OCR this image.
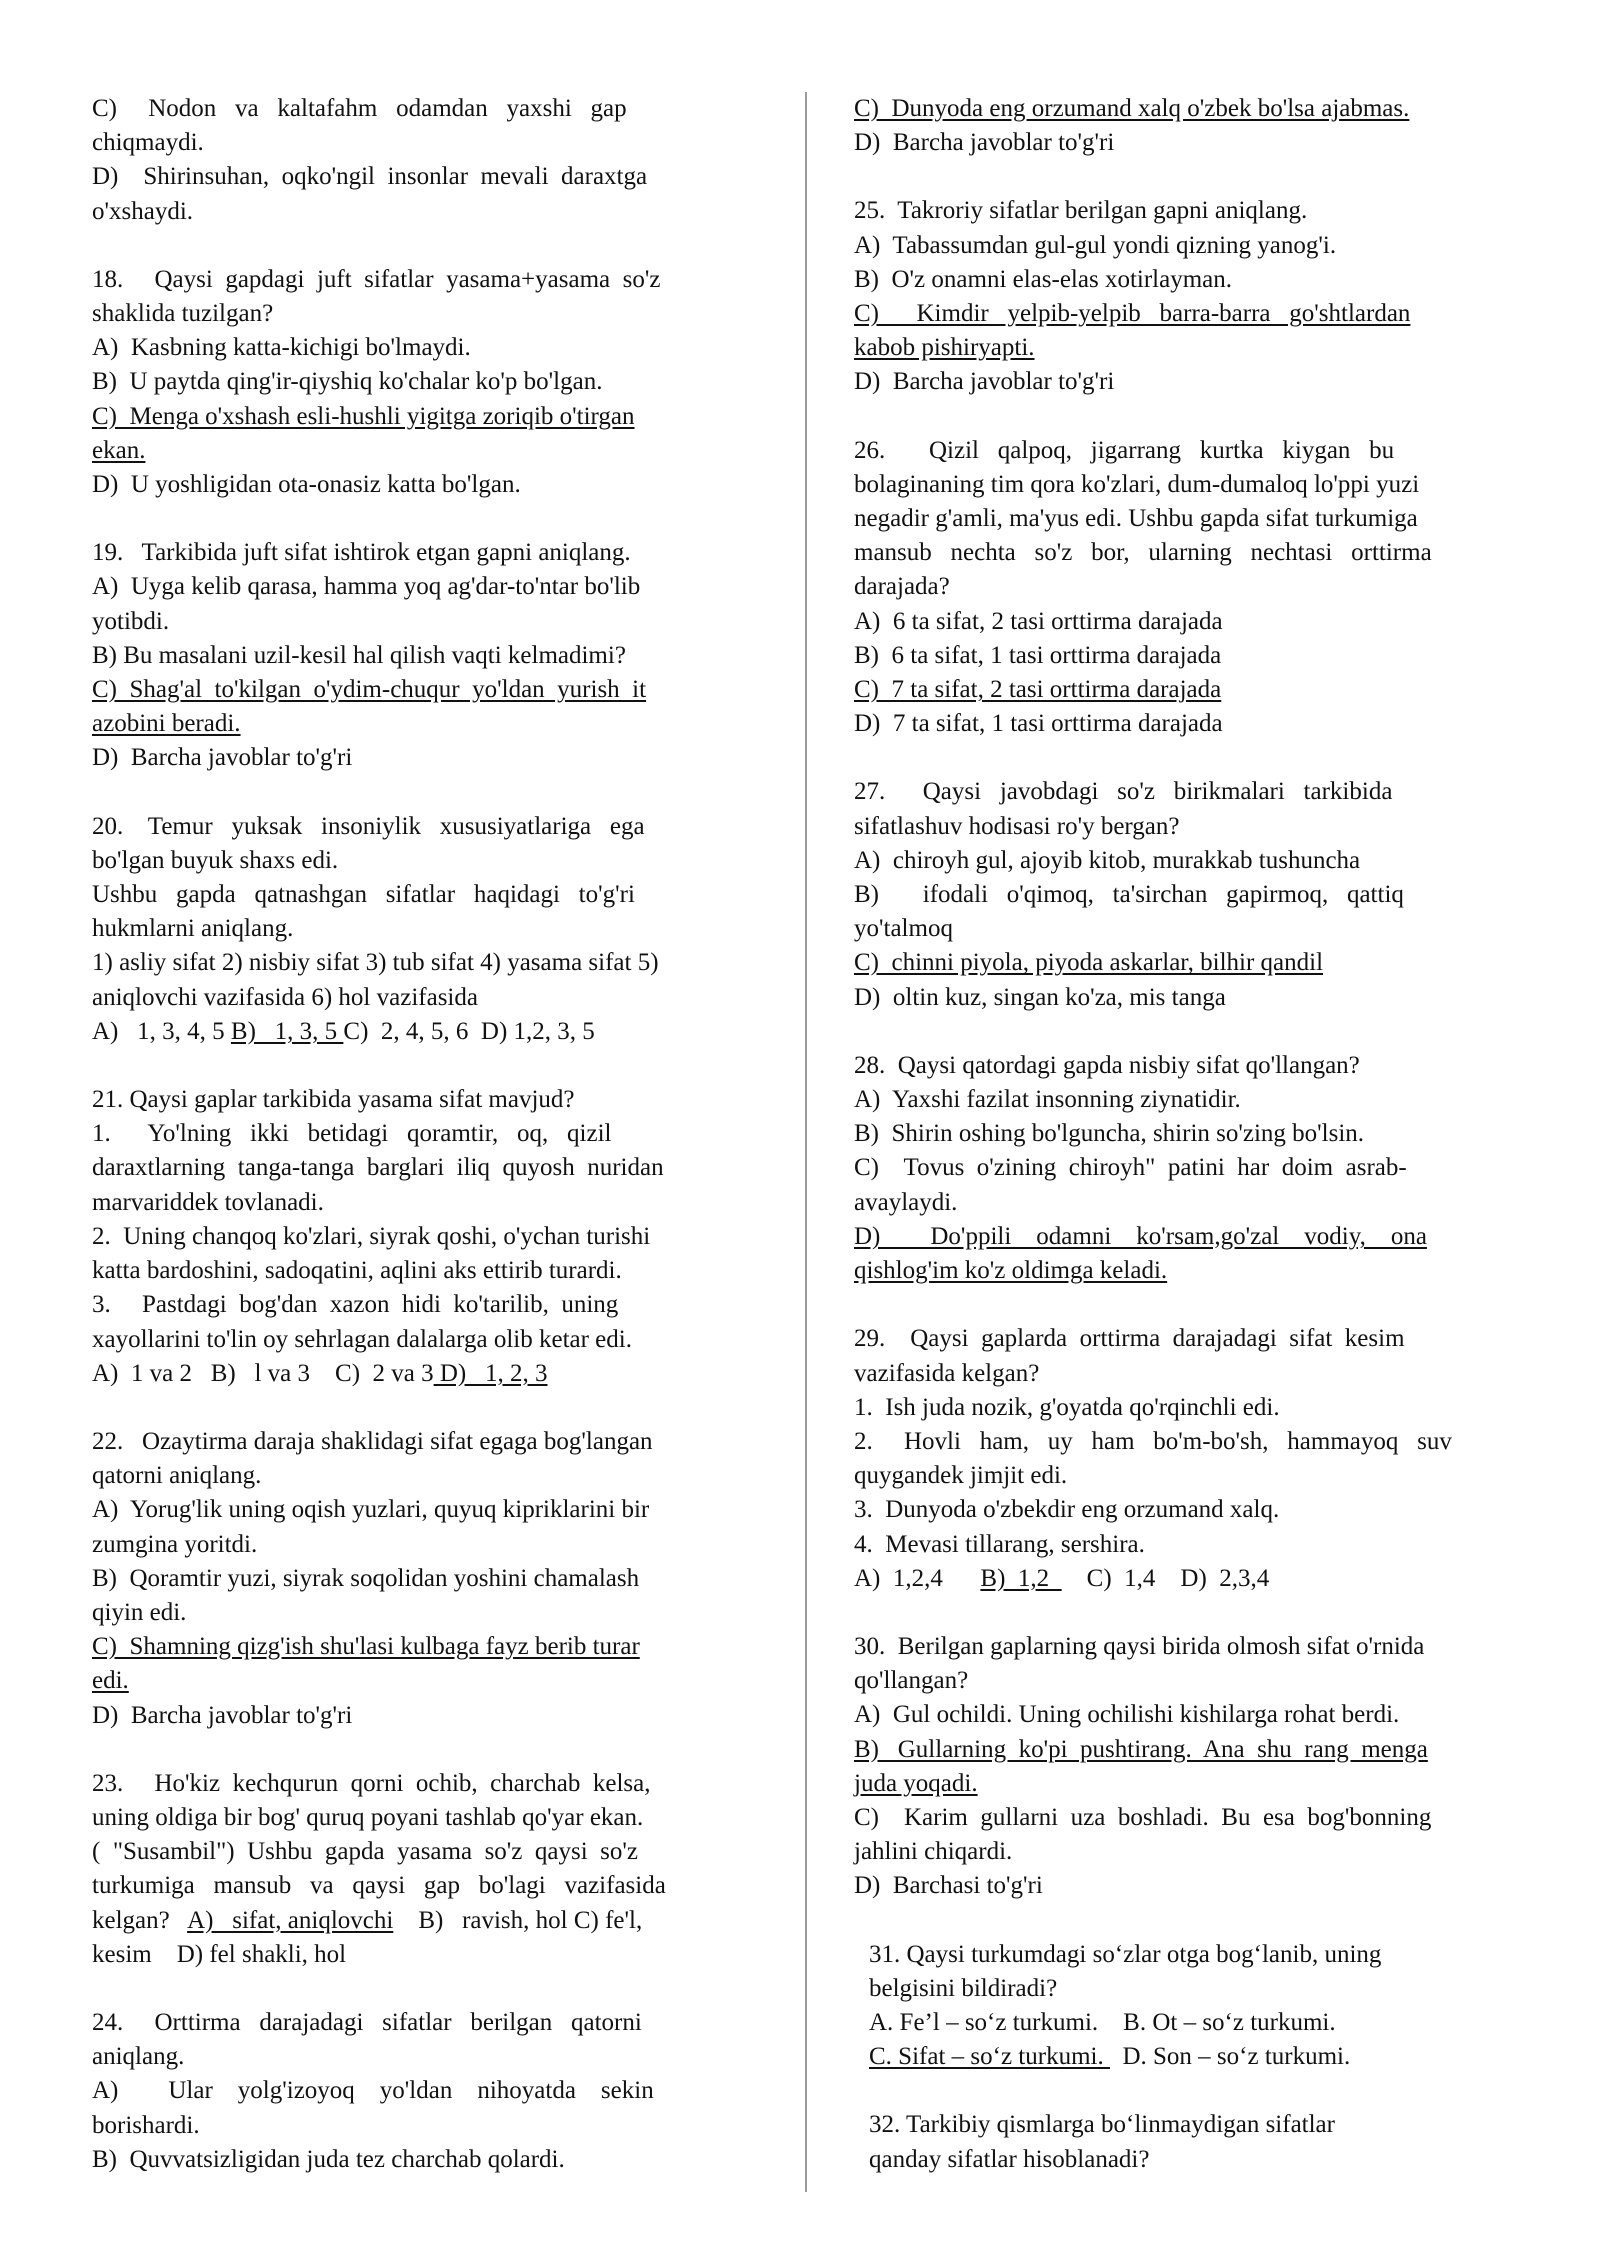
C)     Nodon   va   kaltafahm   odamdan   yaxshi   gap
chiqmaydi.
D)    Shirinsuhan,  oqko'ngil  insonlar  mevali  daraxtga
o'xshaydi.
18.     Qaysi  gapdagi  juft  sifatlar  yasama+yasama  so'z
shaklida tuzilgan?
A)  Kasbning katta-kichigi bo'lmaydi.
B)  U paytda qing'ir-qiyshiq ko'chalar ko'p bo'lgan.
C)  Menga o'xshash esli-hushli yigitga zoriqib o'tirgan
ekan.
D)  U yoshligidan ota-onasiz katta bo'lgan.
19.   Tarkibida juft sifat ishtirok etgan gapni aniqlang.
A)  Uyga kelib qarasa, hamma yoq ag'dar-to'ntar bo'lib
yotibdi.
B) Bu masalani uzil-kesil hal qilish vaqti kelmadimi?
C)  Shag'al  to'kilgan  o'ydim-chuqur  yo'ldan  yurish  it
azobini beradi.
D)  Barcha javoblar to'g'ri
20.    Temur   yuksak   insoniylik   xususiyatlariga   ega
bo'lgan buyuk shaxs edi.
Ushbu   gapda   qatnashgan   sifatlar   haqidagi   to'g'ri
hukmlarni aniqlang.
1) asliy sifat 2) nisbiy sifat 3) tub sifat 4) yasama sifat 5)
aniqlovchi vazifasida 6) hol vazifasida
A)   1, 3, 4, 5 B)   1, 3, 5 C)  2, 4, 5, 6  D) 1,2, 3, 5
21. Qaysi gaplar tarkibida yasama sifat mavjud?
1.      Yo'lning   ikki   betidagi   qoramtir,   oq,   qizil
daraxtlarning  tanga-tanga  barglari  iliq  quyosh  nuridan
marvariddek tovlanadi.
2.  Uning chanqoq ko'zlari, siyrak qoshi, o'ychan turishi
katta bardoshini, sadoqatini, aqlini aks ettirib turardi.
3.     Pastdagi  bog'dan  xazon  hidi  ko'tarilib,  uning
xayollarini to'lin oy sehrlagan dalalarga olib ketar edi.
A)  1 va 2   B)   l va 3    C)  2 va 3 D)   1, 2, 3
22.   Ozaytirma daraja shaklidagi sifat egaga bog'langan
qatorni aniqlang.
A)  Yorug'lik uning oqish yuzlari, quyuq kipriklarini bir
zumgina yoritdi.
B)  Qoramtir yuzi, siyrak soqolidan yoshini chamalash
qiyin edi.
C)  Shamning qizg'ish shu'lasi kulbaga fayz berib turar
edi.
D)  Barcha javoblar to'g'ri
23.     Ho'kiz  kechqurun  qorni  ochib,  charchab  kelsa,
uning oldiga bir bog' quruq poyani tashlab qo'yar ekan.
(  "Susambil")  Ushbu  gapda  yasama  so'z  qaysi  so'z
turkumiga   mansub   va   qaysi   gap   bo'lagi   vazifasida
kelgan?   A)   sifat, aniqlovchi    B)   ravish, hol C) fe'l,
kesim    D) fel shakli, hol
24.     Orttirma   darajadagi   sifatlar   berilgan   qatorni
aniqlang.
A)        Ular    yolg'izoyoq    yo'ldan    nihoyatda    sekin
borishardi.
B)  Quvvatsizligidan juda tez charchab qolardi.
C)  Dunyoda eng orzumand xalq o'zbek bo'lsa ajabmas.
D)  Barcha javoblar to'g'ri
25.  Takroriy sifatlar berilgan gapni aniqlang.
A)  Tabassumdan gul-gul yondi qizning yanog'i.
B)  O'z onamni elas-elas xotirlayman.
C)      Kimdir   yelpib-yelpib   barra-barra   go'shtlardan
kabob pishiryapti.
D)  Barcha javoblar to'g'ri
26.       Qizil   qalpoq,   jigarrang   kurtka   kiygan   bu
bolaginaning tim qora ko'zlari, dum-dumaloq lo'ppi yuzi
negadir g'amli, ma'yus edi. Ushbu gapda sifat turkumiga
mansub   nechta   so'z   bor,   ularning   nechtasi   orttirma
darajada?
A)  6 ta sifat, 2 tasi orttirma darajada
B)  6 ta sifat, 1 tasi orttirma darajada
C)  7 ta sifat, 2 tasi orttirma darajada
D)  7 ta sifat, 1 tasi orttirma darajada
27.      Qaysi   javobdagi   so'z   birikmalari   tarkibida
sifatlashuv hodisasi ro'y bergan?
A)  chiroyh gul, ajoyib kitob, murakkab tushuncha
B)       ifodali   o'qimoq,   ta'sirchan   gapirmoq,   qattiq
yo'talmoq
C)  chinni piyola, piyoda askarlar, bilhir qandil
D)  oltin kuz, singan ko'za, mis tanga
28.  Qaysi qatordagi gapda nisbiy sifat qo'llangan?
A)  Yaxshi fazilat insonning ziynatidir.
B)  Shirin oshing bo'lguncha, shirin so'zing bo'lsin.
C)    Tovus  o'zining  chiroyh"  patini  har  doim  asrab-
avaylaydi.
D)        Do'ppili    odamni    ko'rsam,go'zal    vodiy,    ona
qishlog'im ko'z oldimga keladi.
29.    Qaysi  gaplarda  orttirma  darajadagi  sifat  kesim
vazifasida kelgan?
1.  Ish juda nozik, g'oyatda qo'rqinchli edi.
2.     Hovli   ham,   uy   ham   bo'm-bo'sh,   hammayoq   suv
quygandek jimjit edi.
3.  Dunyoda o'zbekdir eng orzumand xalq.
4.  Mevasi tillarang, sershira.
A)  1,2,4      B)  1,2      C)  1,4    D)  2,3,4
30.  Berilgan gaplarning qaysi birida olmosh sifat o'rnida
qo'llangan?
A)  Gul ochildi. Uning ochilishi kishilarga rohat berdi.
B)   Gullarning  ko'pi  pushtirang.  Ana  shu  rang  menga
juda yoqadi.
C)    Karim  gullarni  uza  boshladi.  Bu  esa  bog'bonning
jahlini chiqardi.
D)  Barchasi to'g'ri
31. Qaysi turkumdagi so‘zlar otga bog‘lanib, uning
belgisini bildiradi?
A. Fe’l – so‘z turkumi.    B. Ot – so‘z turkumi.
C. Sifat – so‘z turkumi.   D. Son – so‘z turkumi.
32. Tarkibiy qismlarga bo‘linmaydigan sifatlar
qanday sifatlar hisoblanadi?
